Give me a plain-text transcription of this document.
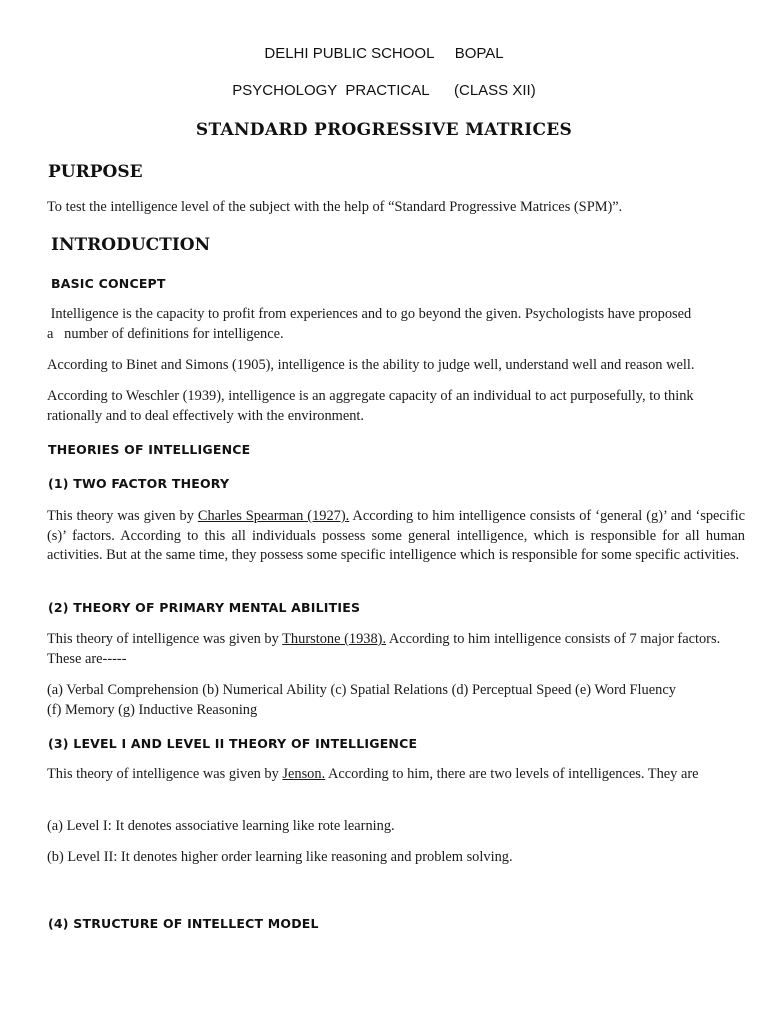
DELHI PUBLIC SCHOOL     BOPAL
PSYCHOLOGY  PRACTICAL      (CLASS XII)
STANDARD PROGRESSIVE MATRICES
PURPOSE
To test the intelligence level of the subject with the help of “Standard Progressive Matrices (SPM)”.
INTRODUCTION
BASIC CONCEPT
Intelligence is the capacity to profit from experiences and to go beyond the given. Psychologists have proposed
a   number of definitions for intelligence.
According to Binet and Simons (1905), intelligence is the ability to judge well, understand well and reason well.
According to Weschler (1939), intelligence is an aggregate capacity of an individual to act purposefully, to think
rationally and to deal effectively with the environment.
THEORIES OF INTELLIGENCE
(1) TWO FACTOR THEORY
This theory was given by Charles Spearman (1927). According to him intelligence consists of ‘general (g)’ and ‘specific (s)’ factors. According to this all individuals possess some general intelligence, which is responsible for all human activities. But at the same time, they possess some specific intelligence which is responsible for some specific activities.
(2) THEORY OF PRIMARY MENTAL ABILITIES
This theory of intelligence was given by Thurstone (1938). According to him intelligence consists of 7 major factors. These are-----
(a) Verbal Comprehension (b) Numerical Ability (c) Spatial Relations (d) Perceptual Speed (e) Word Fluency
(f) Memory (g) Inductive Reasoning
(3) LEVEL I AND LEVEL II THEORY OF INTELLIGENCE
This theory of intelligence was given by Jenson. According to him, there are two levels of intelligences. They are
(a) Level I: It denotes associative learning like rote learning.
(b) Level II: It denotes higher order learning like reasoning and problem solving.
(4) STRUCTURE OF INTELLECT MODEL
